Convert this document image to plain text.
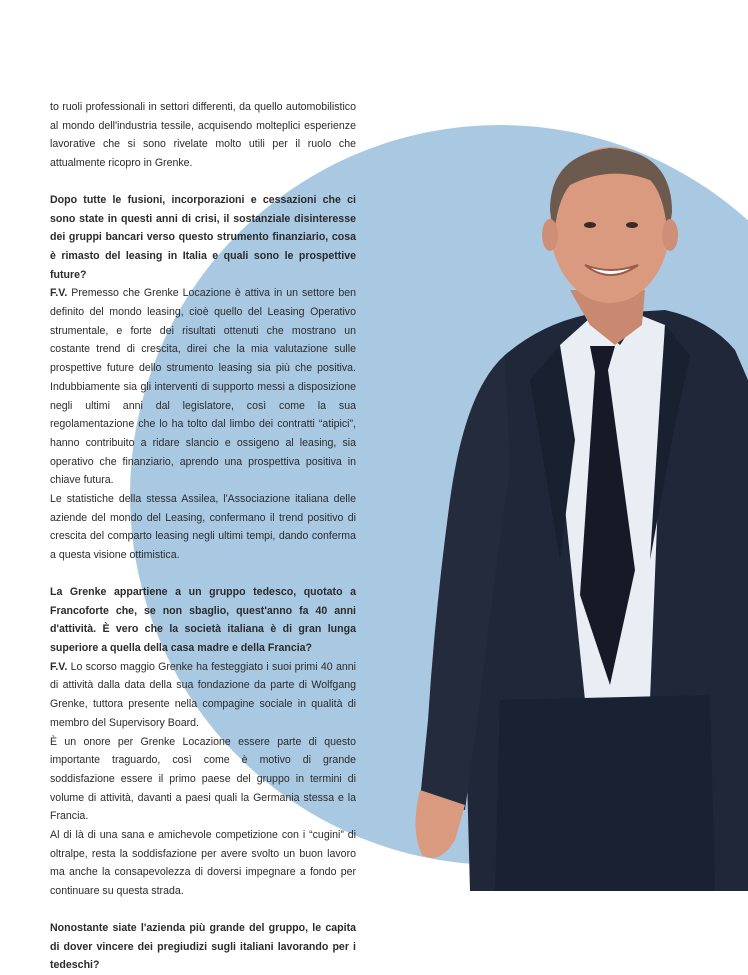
to ruoli professionali in settori differenti, da quello automobilistico al mondo dell'industria tessile, acquisendo molteplici esperienze lavorative che si sono rivelate molto utili per il ruolo che attualmente ricopro in Grenke.

Dopo tutte le fusioni, incorporazioni e cessazioni che ci sono state in questi anni di crisi, il sostanziale disinteresse dei gruppi bancari verso questo strumento finanziario, cosa è rimasto del leasing in Italia e quali sono le prospettive future?

F.V. Premesso che Grenke Locazione è attiva in un settore ben definito del mondo leasing, cioè quello del Leasing Operativo strumentale, e forte dei risultati ottenuti che mostrano un costante trend di crescita, direi che la mia valutazione sulle prospettive future dello strumento leasing sia più che positiva. Indubbiamente sia gli interventi di supporto messi a disposizione negli ultimi anni dal legislatore, così come la sua regolamentazione che lo ha tolto dal limbo dei contratti “atipici”, hanno contribuito a ridare slancio e ossigeno al leasing, sia operativo che finanziario, aprendo una prospettiva positiva in chiave futura.

Le statistiche della stessa Assilea, l'Associazione italiana delle aziende del mondo del Leasing, confermano il trend positivo di crescita del comparto leasing negli ultimi tempi, dando conferma a questa visione ottimistica.

La Grenke appartiene a un gruppo tedesco, quotato a Francoforte che, se non sbaglio, quest'anno fa 40 anni d'attività. È vero che la società italiana è di gran lunga superiore a quella della casa madre e della Francia?

F.V. Lo scorso maggio Grenke ha festeggiato i suoi primi 40 anni di attività dalla data della sua fondazione da parte di Wolfgang Grenke, tuttora presente nella compagine sociale in qualità di membro del Supervisory Board.

È un onore per Grenke Locazione essere parte di questo importante traguardo, così come è motivo di grande soddisfazione essere il primo paese del gruppo in termini di volume di attività, davanti a paesi quali la Germania stessa e la Francia.

Al di là di una sana e amichevole competizione con i “cugini” di oltralpe, resta la soddisfazione per avere svolto un buon lavoro ma anche la consapevolezza di doversi impegnare a fondo per continuare su questa strada.

Nonostante siate l'azienda più grande del gruppo, le capita di dover vincere dei pregiudizi sugli italiani lavorando per i tedeschi?
